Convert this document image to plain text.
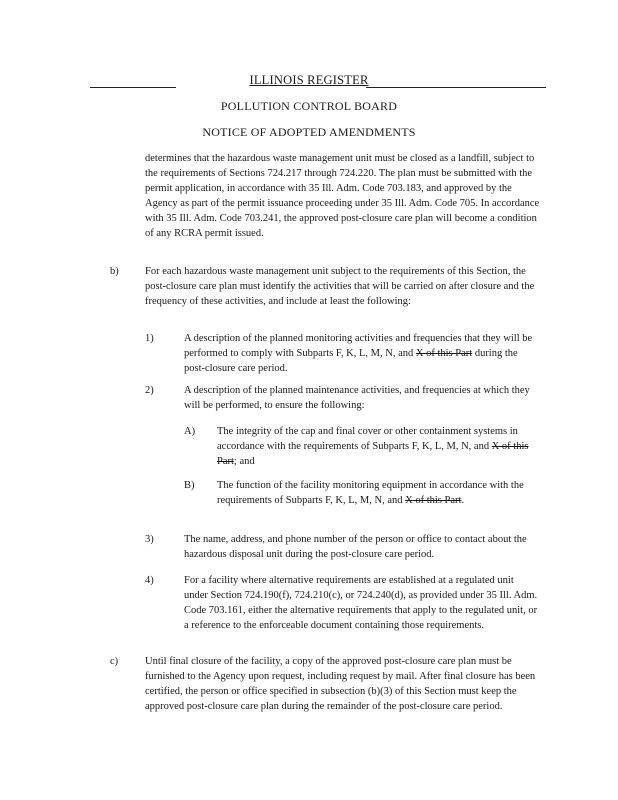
ILLINOIS REGISTER
POLLUTION CONTROL BOARD
NOTICE OF ADOPTED AMENDMENTS

determines that the hazardous waste management unit must be closed as a landfill, subject to the requirements of Sections 724.217 through 724.220. The plan must be submitted with the permit application, in accordance with 35 Ill. Adm. Code 703.183, and approved by the Agency as part of the permit issuance proceeding under 35 Ill. Adm. Code 705. In accordance with 35 Ill. Adm. Code 703.241, the approved post-closure care plan will become a condition of any RCRA permit issued.

b)	For each hazardous waste management unit subject to the requirements of this Section, the post-closure care plan must identify the activities that will be carried on after closure and the frequency of these activities, and include at least the following:

1)	A description of the planned monitoring activities and frequencies that they will be performed to comply with Subparts F, K, L, M, N, and X of this Part during the post-closure care period.

2)	A description of the planned maintenance activities, and frequencies at which they will be performed, to ensure the following:

A) The integrity of the cap and final cover or other containment systems in accordance with the requirements of Subparts F, K, L, M, N, and X of this Part; and

B) The function of the facility monitoring equipment in accordance with the requirements of Subparts F, K, L, M, N, and X of this Part.

3)	The name, address, and phone number of the person or office to contact about the hazardous disposal unit during the post-closure care period.

4)	For a facility where alternative requirements are established at a regulated unit under Section 724.190(f), 724.210(c), or 724.240(d), as provided under 35 Ill. Adm. Code 703.161, either the alternative requirements that apply to the regulated unit, or a reference to the enforceable document containing those requirements.

c)	Until final closure of the facility, a copy of the approved post-closure care plan must be furnished to the Agency upon request, including request by mail. After final closure has been certified, the person or office specified in subsection (b)(3) of this Section must keep the approved post-closure care plan during the remainder of the post-closure care period.
